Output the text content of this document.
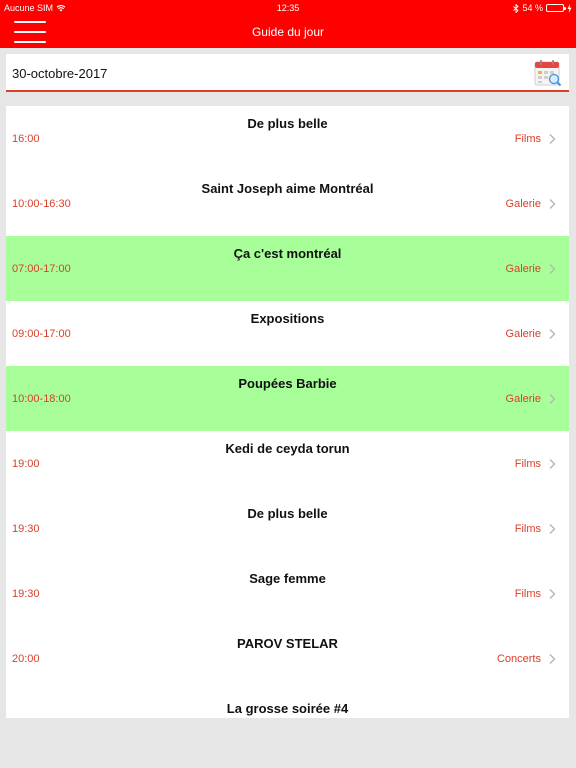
Aucune SIM	12:35	54 %
Guide du jour
30-octobre-2017
De plus belle
16:00	Films
Saint Joseph aime Montréal
10:00-16:30	Galerie
Ça c'est montréal
07:00-17:00	Galerie
Expositions
09:00-17:00	Galerie
Poupées Barbie
10:00-18:00	Galerie
Kedi de ceyda torun
19:00	Films
De plus belle
19:30	Films
Sage femme
19:30	Films
PAROV STELAR
20:00	Concerts
La grosse soirée #4
